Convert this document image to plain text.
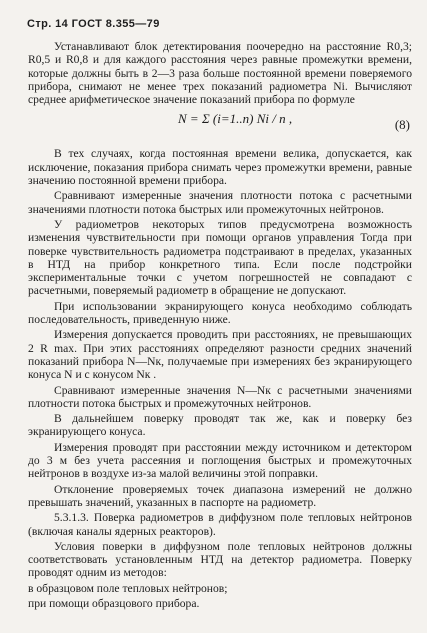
Стр. 14 ГОСТ 8.355—79

Устанавливают блок детектирования поочередно на расстояние R0,3; R0,5 и R0,8 и для каждого расстояния через равные промежутки времени, которые должны быть в 2—3 раза больше постоянной времени поверяемого прибора, снимают не менее трех показаний радиометра Ni. Вычисляют среднее арифметическое значение показаний прибора по формуле

N = Σ (i=1..n) Ni / n ,	(8)

В тех случаях, когда постоянная времени велика, допускается, как исключение, показания прибора снимать через промежутки времени, равные значению постоянной времени прибора.

Сравнивают измеренные значения плотности потока с расчетными значениями плотности потока быстрых или промежуточных нейтронов.

У радиометров некоторых типов предусмотрена возможность изменения чувствительности при помощи органов управления Тогда при поверке чувствительность радиометра подстраивают в пределах, указанных в НТД на прибор конкретного типа. Если после подстройки экспериментальные точки с учетом погрешностей не совпадают с расчетными, поверяемый радиометр в обращение не допускают.

При использовании экранирующего конуса необходимо соблюдать последовательность, приведенную ниже.

Измерения допускается проводить при расстояниях, не превышающих 2 R max. При этих расстояниях определяют разности средних значений показаний прибора N—Nк, получаемые при измерениях без экранирующего конуса N и с конусом Nк .

Сравнивают измеренные значения N—Nк с расчетными значениями плотности потока быстрых и промежуточных нейтронов.

В дальнейшем поверку проводят так же, как и поверку без экранирующего конуса.

Измерения проводят при расстоянии между источником и детектором до 3 м без учета рассеяния и поглощения быстрых и промежуточных нейтронов в воздухе из-за малой величины этой поправки.

Отклонение проверяемых точек диапазона измерений не должно превышать значений, указанных в паспорте на радиометр.

5.3.1.3. Поверка радиометров в диффузном поле тепловых нейтронов (включая каналы ядерных реакторов).

Условия поверки в диффузном поле тепловых нейтронов должны соответствовать установленным НТД на детектор радиометра. Поверку проводят одним из методов:

в образцовом поле тепловых нейтронов;

при помощи образцового прибора.
